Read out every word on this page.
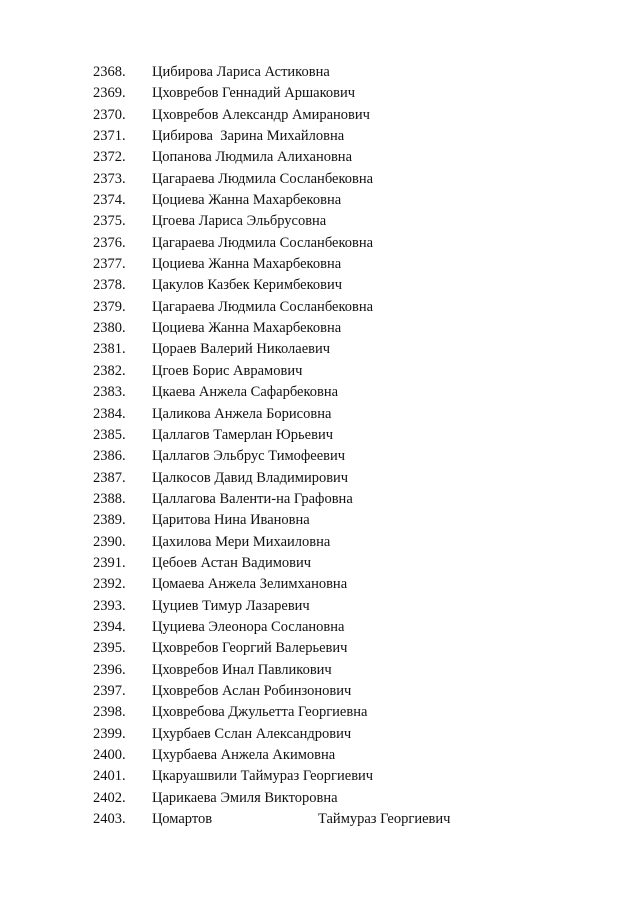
2368. Цибирова Лариса Астиковна
2369. Цховребов Геннадий Аршакович
2370. Цховребов Александр Амиранович
2371. Цибирова  Зарина Михайловна
2372. Цопанова Людмила Алихановна
2373. Цагараева Людмила Сосланбековна
2374. Цоциева Жанна Махарбековна
2375. Цгоева Лариса Эльбрусовна
2376. Цагараева Людмила Сосланбековна
2377. Цоциева Жанна Махарбековна
2378. Цакулов Казбек Керимбекович
2379. Цагараева Людмила Сосланбековна
2380. Цоциева Жанна Махарбековна
2381. Цораев Валерий Николаевич
2382. Цгоев Борис Аврамович
2383. Цкаева Анжела Сафарбековна
2384. Цаликова Анжела Борисовна
2385. Цаллагов Тамерлан Юрьевич
2386. Цаллагов Эльбрус Тимофеевич
2387. Цалкосов Давид Владимирович
2388. Цаллагова Валенти-на Графовна
2389. Царитова Нина Ивановна
2390. Цахилова Мери Михаиловна
2391. Цебоев Астан Вадимович
2392. Цомаева Анжела Зелимхановна
2393. Цуциев Тимур Лазаревич
2394. Цуциева Элеонора Сослановна
2395. Цховребов Георгий Валерьевич
2396. Цховребов Инал Павликович
2397. Цховребов Аслан Робинзонович
2398. Цховребова Джульетта Георгиевна
2399. Цхурбаев Сслан Александрович
2400. Цхурбаева Анжела Акимовна
2401. Цкаруашвили Таймураз Георгиевич
2402. Царикаева Эмиля Викторовна
2403. Цомартов	Таймураз Георгиевич
